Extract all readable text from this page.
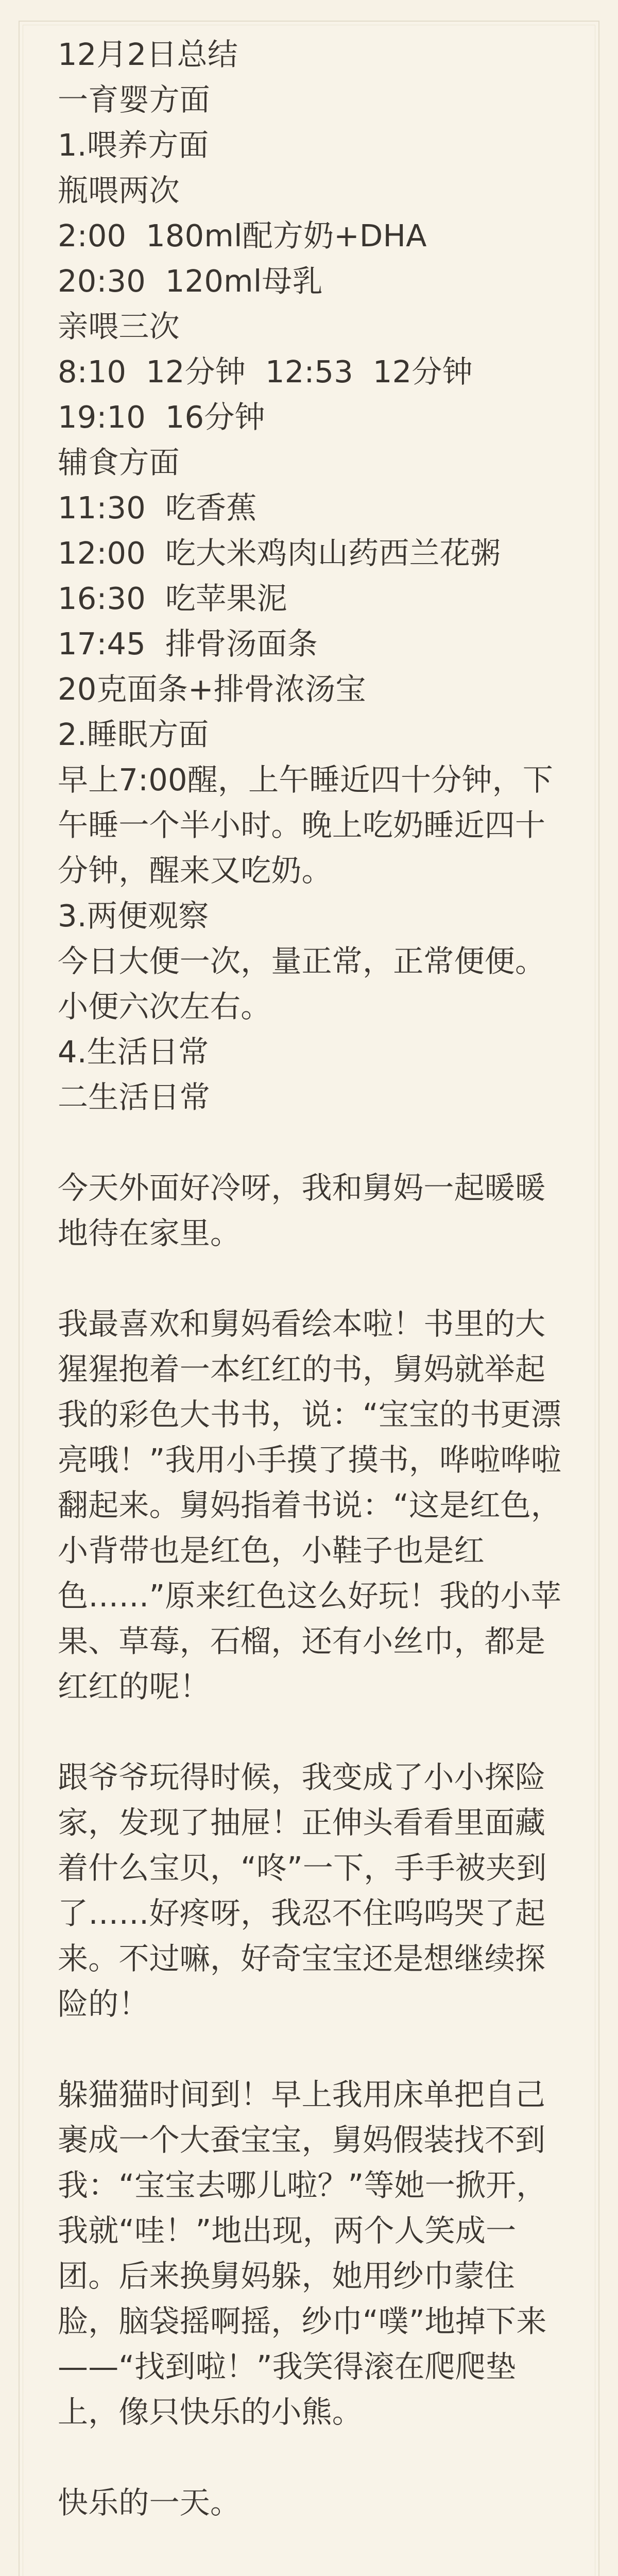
12月2日总结
一育婴方面
1.喂养方面
瓶喂两次
2:00  180ml配方奶+DHA
20:30  120ml母乳
亲喂三次
8:10  12分钟  12:53  12分钟
19:10  16分钟
辅食方面
11:30  吃香蕉
12:00  吃大米鸡肉山药西兰花粥
16:30  吃苹果泥
17:45  排骨汤面条
20克面条+排骨浓汤宝
2.睡眠方面
早上7:00醒，上午睡近四十分钟，下午睡一个半小时。晚上吃奶睡近四十分钟，醒来又吃奶。
3.两便观察
今日大便一次，量正常，正常便便。小便六次左右。
4.生活日常
二生活日常
今天外面好冷呀，我和舅妈一起暖暖地待在家里。
我最喜欢和舅妈看绘本啦！书里的大猩猩抱着一本红红的书，舅妈就举起我的彩色大书书，说：“宝宝的书更漂亮哦！”我用小手摸了摸书，哗啦哗啦翻起来。舅妈指着书说：“这是红色，小背带也是红色，小鞋子也是红色……”原来红色这么好玩！我的小苹果、草莓，石榴，还有小丝巾，都是红红的呢！
跟爷爷玩得时候，我变成了小小探险家，发现了抽屉！正伸头看看里面藏着什么宝贝，“咚”一下，手手被夹到了……好疼呀，我忍不住呜呜哭了起来。不过嘛，好奇宝宝还是想继续探险的！
躲猫猫时间到！早上我用床单把自己裹成一个大蚕宝宝，舅妈假装找不到我：“宝宝去哪儿啦？”等她一掀开，我就“哇！”地出现，两个人笑成一团。后来换舅妈躲，她用纱巾蒙住脸，脑袋摇啊摇，纱巾“噗”地掉下来——“找到啦！”我笑得滚在爬爬垫上，像只快乐的小熊。
快乐的一天。
